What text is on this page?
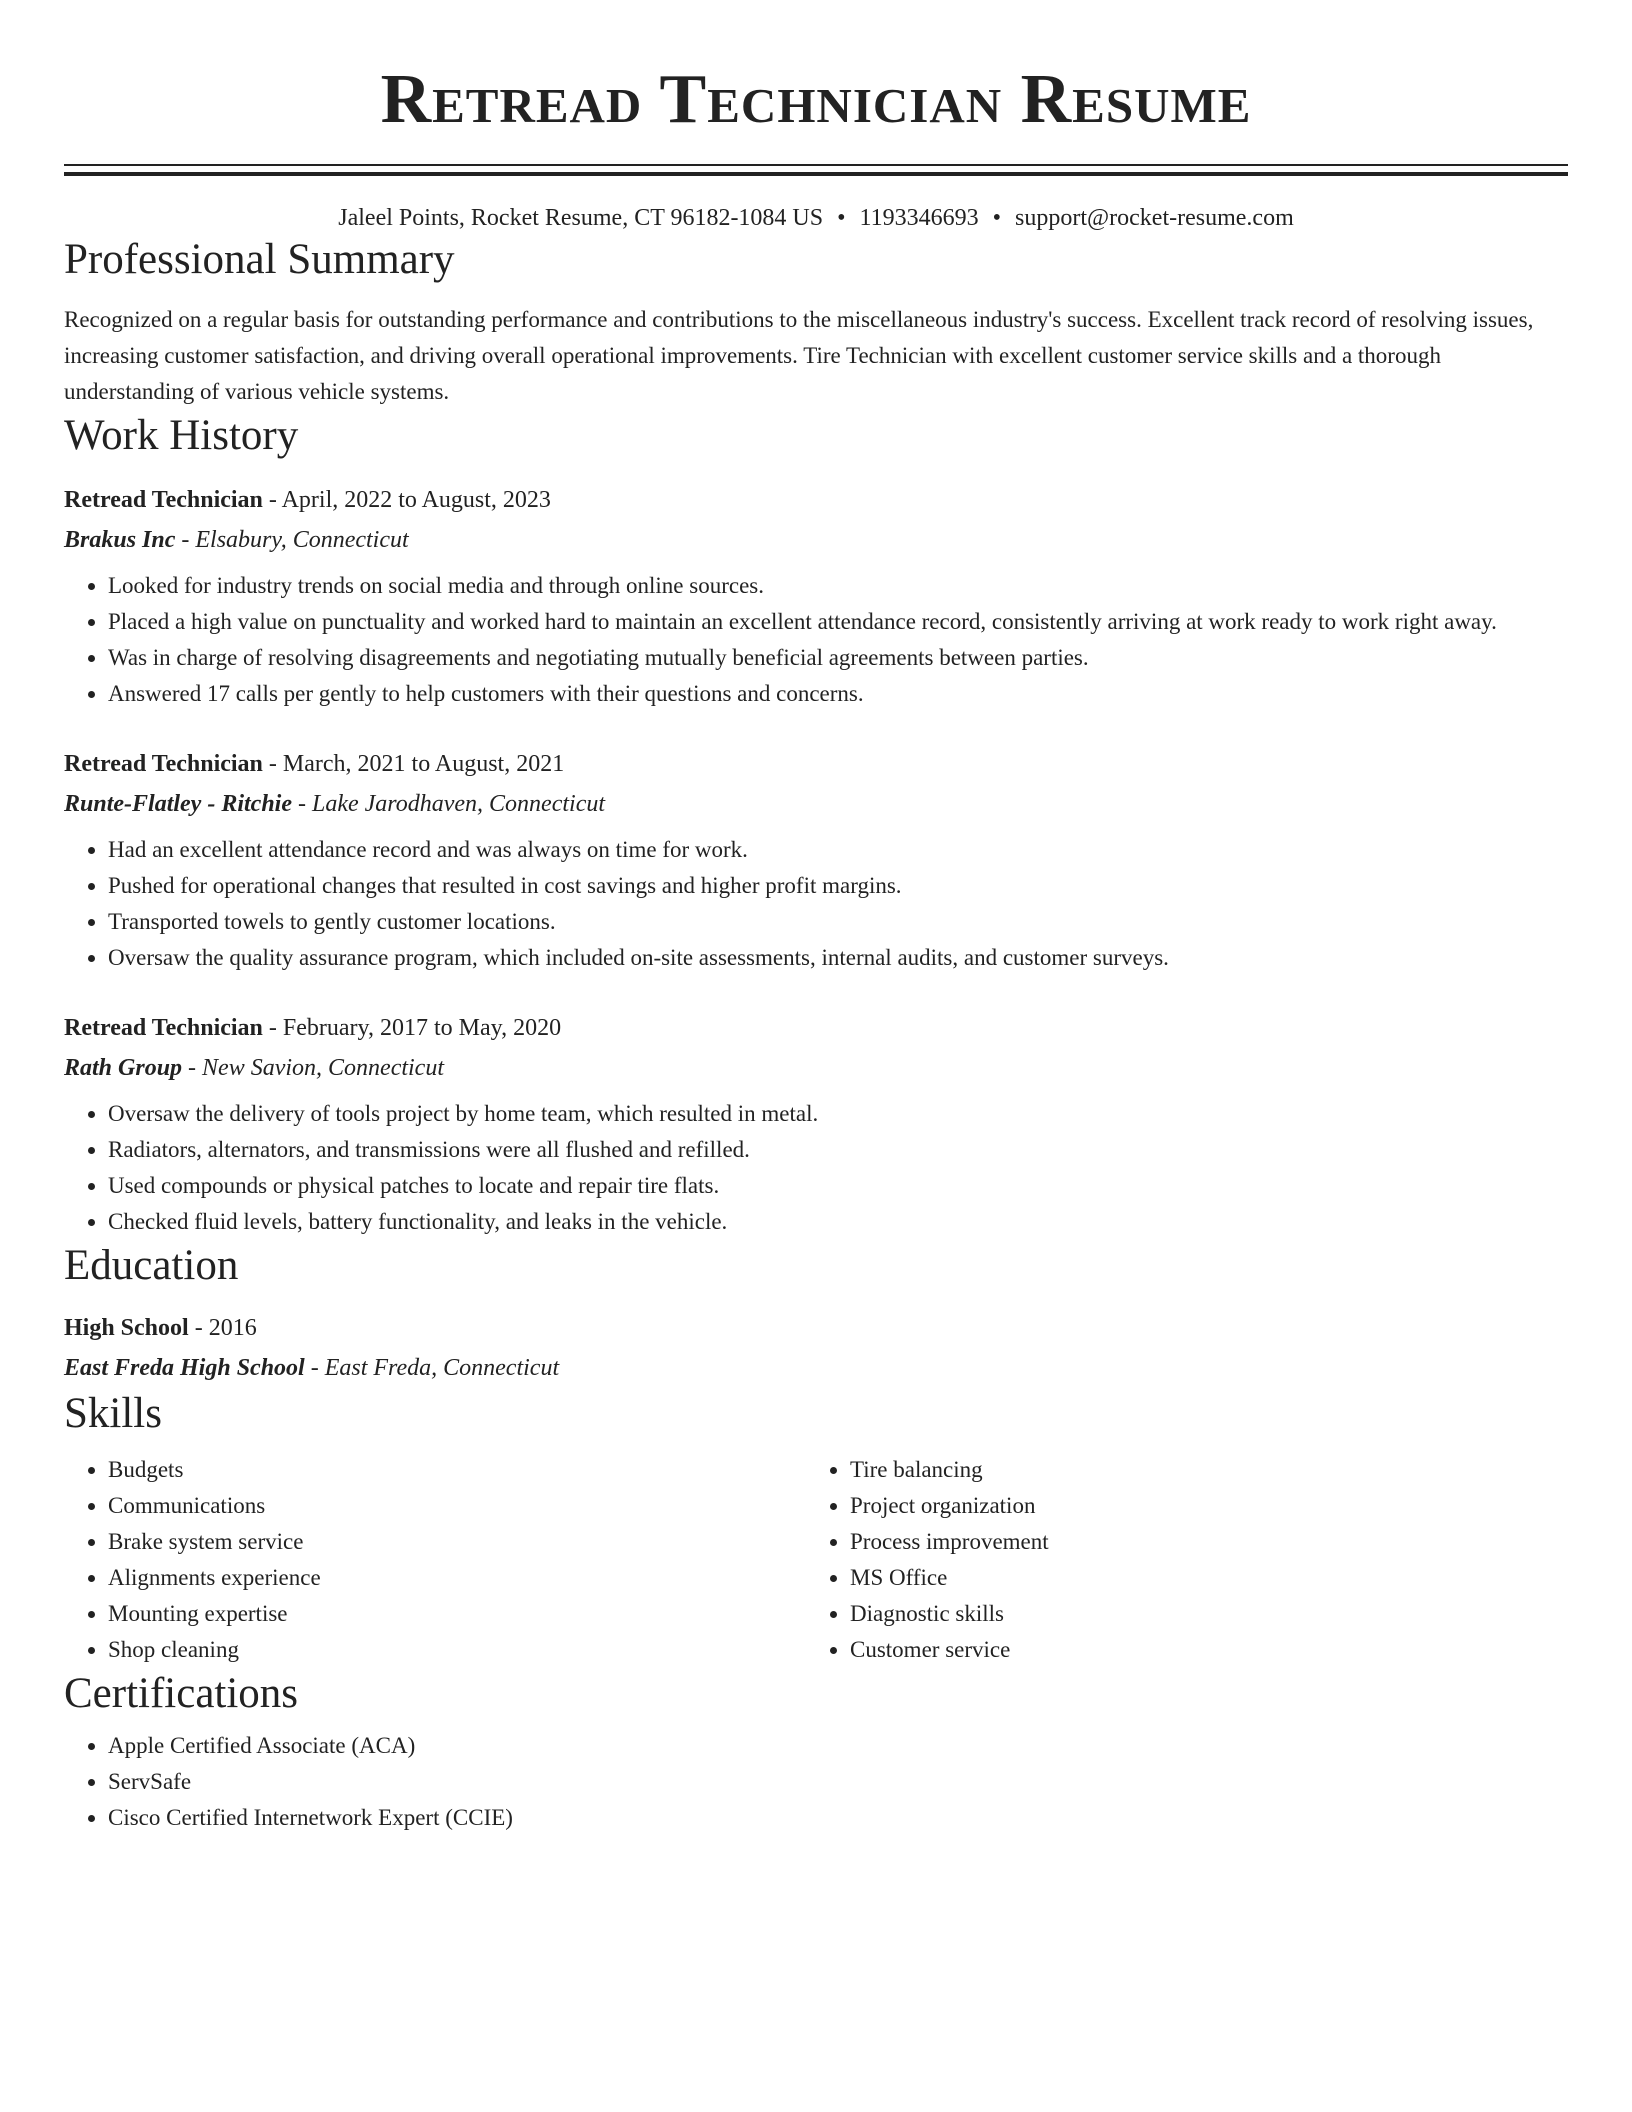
Retread Technician Resume
Jaleel Points, Rocket Resume, CT 96182-1084 US • 1193346693 • support@rocket-resume.com
Professional Summary
Recognized on a regular basis for outstanding performance and contributions to the miscellaneous industry's success. Excellent track record of resolving issues, increasing customer satisfaction, and driving overall operational improvements. Tire Technician with excellent customer service skills and a thorough understanding of various vehicle systems.
Work History
Retread Technician - April, 2022 to August, 2023
Brakus Inc - Elsabury, Connecticut
• Looked for industry trends on social media and through online sources.
• Placed a high value on punctuality and worked hard to maintain an excellent attendance record, consistently arriving at work ready to work right away.
• Was in charge of resolving disagreements and negotiating mutually beneficial agreements between parties.
• Answered 17 calls per gently to help customers with their questions and concerns.
Retread Technician - March, 2021 to August, 2021
Runte-Flatley - Ritchie - Lake Jarodhaven, Connecticut
• Had an excellent attendance record and was always on time for work.
• Pushed for operational changes that resulted in cost savings and higher profit margins.
• Transported towels to gently customer locations.
• Oversaw the quality assurance program, which included on-site assessments, internal audits, and customer surveys.
Retread Technician - February, 2017 to May, 2020
Rath Group - New Savion, Connecticut
• Oversaw the delivery of tools project by home team, which resulted in metal.
• Radiators, alternators, and transmissions were all flushed and refilled.
• Used compounds or physical patches to locate and repair tire flats.
• Checked fluid levels, battery functionality, and leaks in the vehicle.
Education
High School - 2016
East Freda High School - East Freda, Connecticut
Skills
• Budgets
• Communications
• Brake system service
• Alignments experience
• Mounting expertise
• Shop cleaning
• Tire balancing
• Project organization
• Process improvement
• MS Office
• Diagnostic skills
• Customer service
Certifications
• Apple Certified Associate (ACA)
• ServSafe
• Cisco Certified Internetwork Expert (CCIE)
